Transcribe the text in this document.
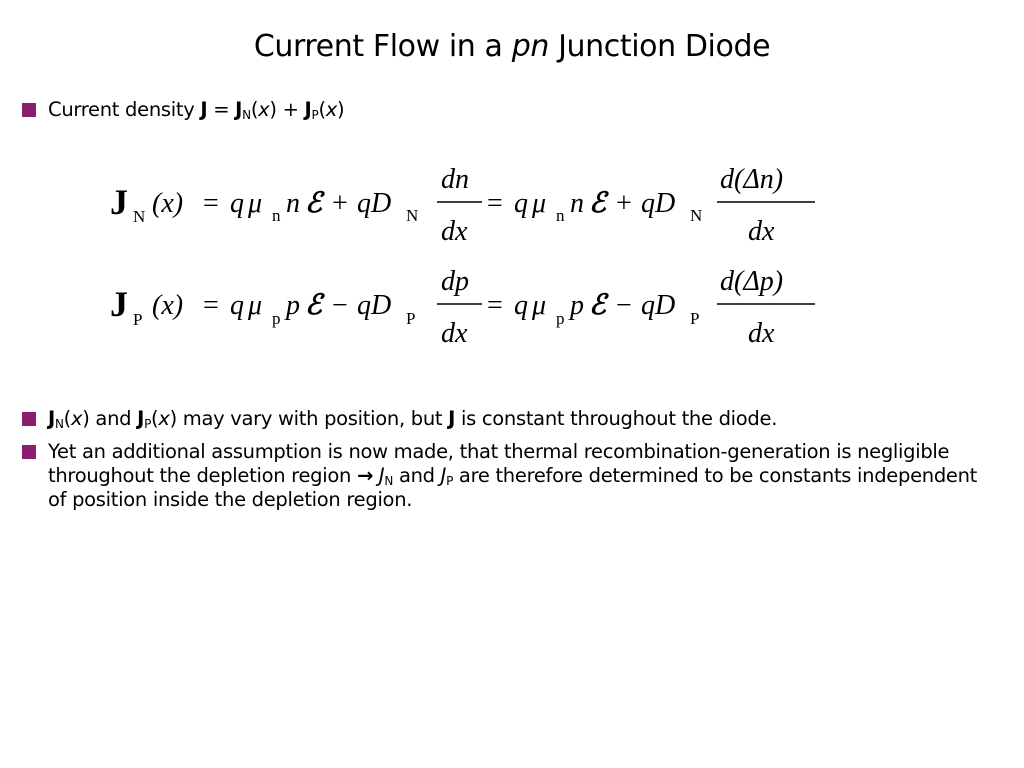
Current Flow in a pn Junction Diode
Current density $J = J_N(x) + J_P(x)$
J N (x) = q μ n n ℰ + qD N
dn
dx
= q μ n n ℰ + qD N
d(Δn)
dx
J P (x) = q μ p p ℰ − qD P
dp
dx
= q μ p p ℰ − qD P
d(Δp)
dx
$J_N(x)$ and $J_P(x)$ may vary with position, but J is constant throughout the diode.
Yet an additional assumption is now made, that thermal recombination-generation is negligible throughout the depletion region → $J_N$ and $J_P$ are therefore determined to be constants independent of position inside the depletion region.
